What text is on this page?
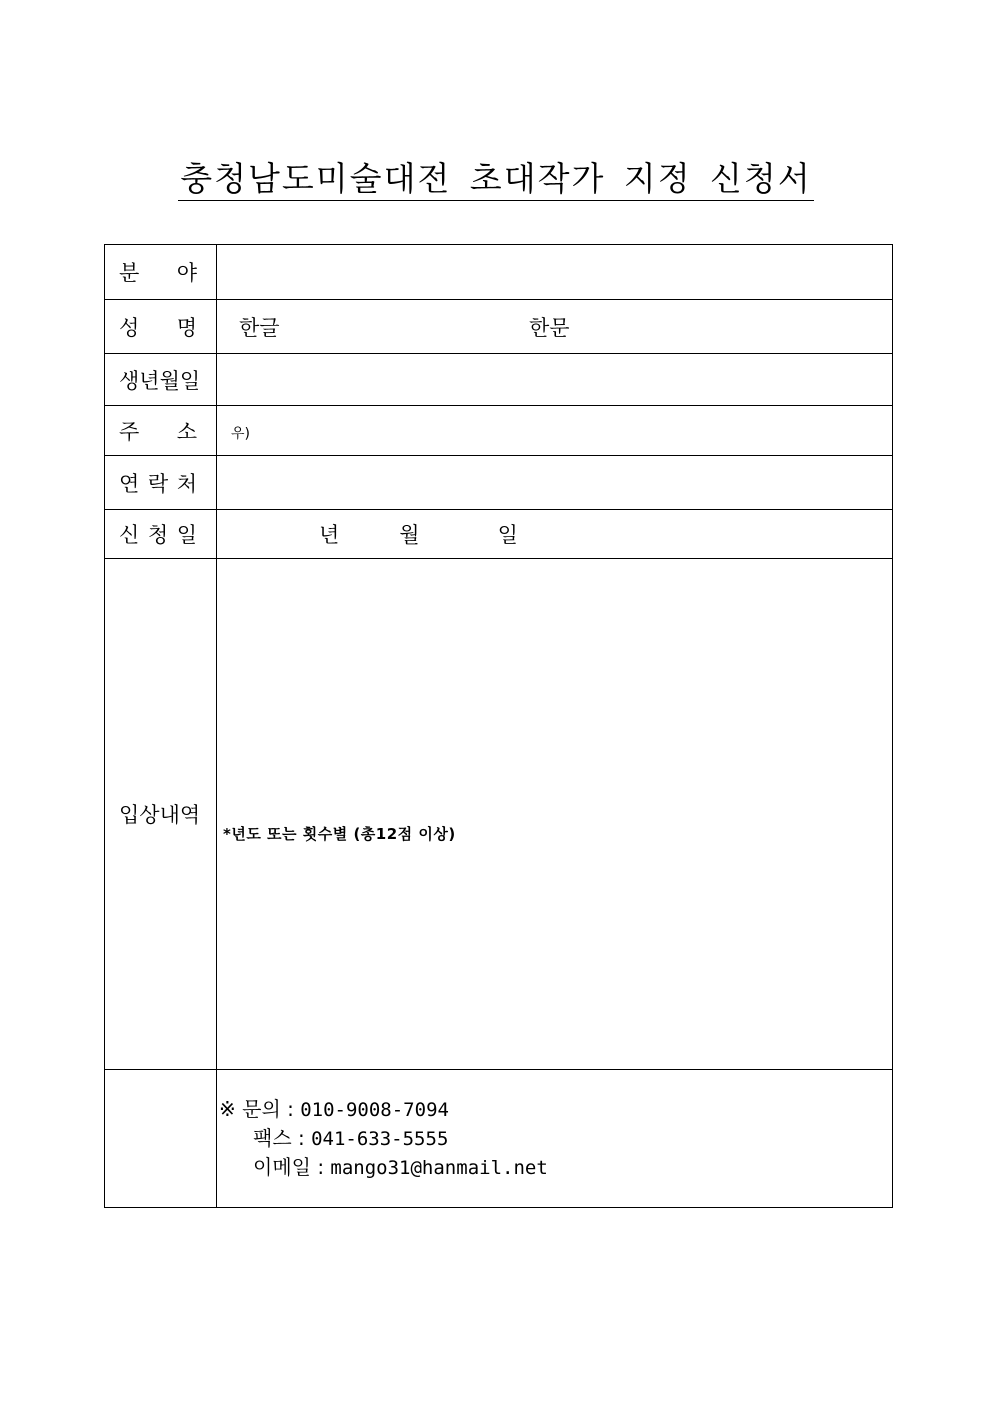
충청남도미술대전 초대작가 지정 신청서
분 야	

성 명	한글 한문

생년월일	

주 소	우)

연 락 처	

신 청 일	년 월 일

입상내역	*년도 또는 횟수별 (총12점 이상)

	※ 문의 : 010-9008-7094
팩스 : 041-633-5555
이메일 : mango31@hanmail.net
